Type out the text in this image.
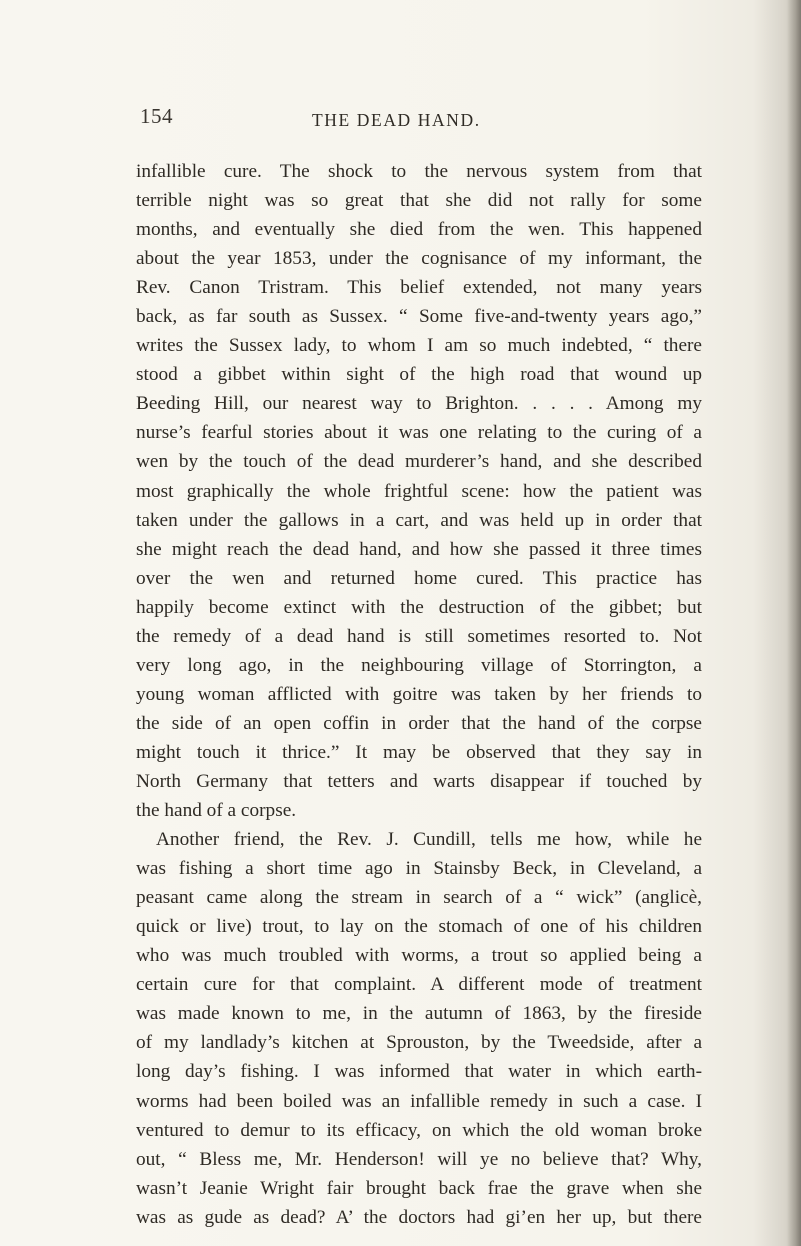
154	THE DEAD HAND.
infallible cure. The shock to the nervous system from that
terrible night was so great that she did not rally for some
months, and eventually she died from the wen. This happened
about the year 1853, under the cognisance of my informant, the
Rev. Canon Tristram. This belief extended, not many years
back, as far south as Sussex. “ Some five-and-twenty years ago,”
writes the Sussex lady, to whom I am so much indebted, “ there
stood a gibbet within sight of the high road that wound up
Beeding Hill, our nearest way to Brighton. . . . . Among my
nurse’s fearful stories about it was one relating to the curing of a
wen by the touch of the dead murderer’s hand, and she described
most graphically the whole frightful scene: how the patient was
taken under the gallows in a cart, and was held up in order that
she might reach the dead hand, and how she passed it three times
over the wen and returned home cured. This practice has
happily become extinct with the destruction of the gibbet; but
the remedy of a dead hand is still sometimes resorted to. Not
very long ago, in the neighbouring village of Storrington, a
young woman afflicted with goitre was taken by her friends to
the side of an open coffin in order that the hand of the corpse
might touch it thrice.” It may be observed that they say in
North Germany that tetters and warts disappear if touched by
the hand of a corpse.
Another friend, the Rev. J. Cundill, tells me how, while he
was fishing a short time ago in Stainsby Beck, in Cleveland, a
peasant came along the stream in search of a “ wick” (anglicè,
quick or live) trout, to lay on the stomach of one of his children
who was much troubled with worms, a trout so applied being a
certain cure for that complaint. A different mode of treatment
was made known to me, in the autumn of 1863, by the fireside
of my landlady’s kitchen at Sprouston, by the Tweedside, after a
long day’s fishing. I was informed that water in which earth-
worms had been boiled was an infallible remedy in such a case. I
ventured to demur to its efficacy, on which the old woman broke
out, “ Bless me, Mr. Henderson! will ye no believe that? Why,
wasn’t Jeanie Wright fair brought back frae the grave when she
was as gude as dead? A’ the doctors had gi’en her up, but there
